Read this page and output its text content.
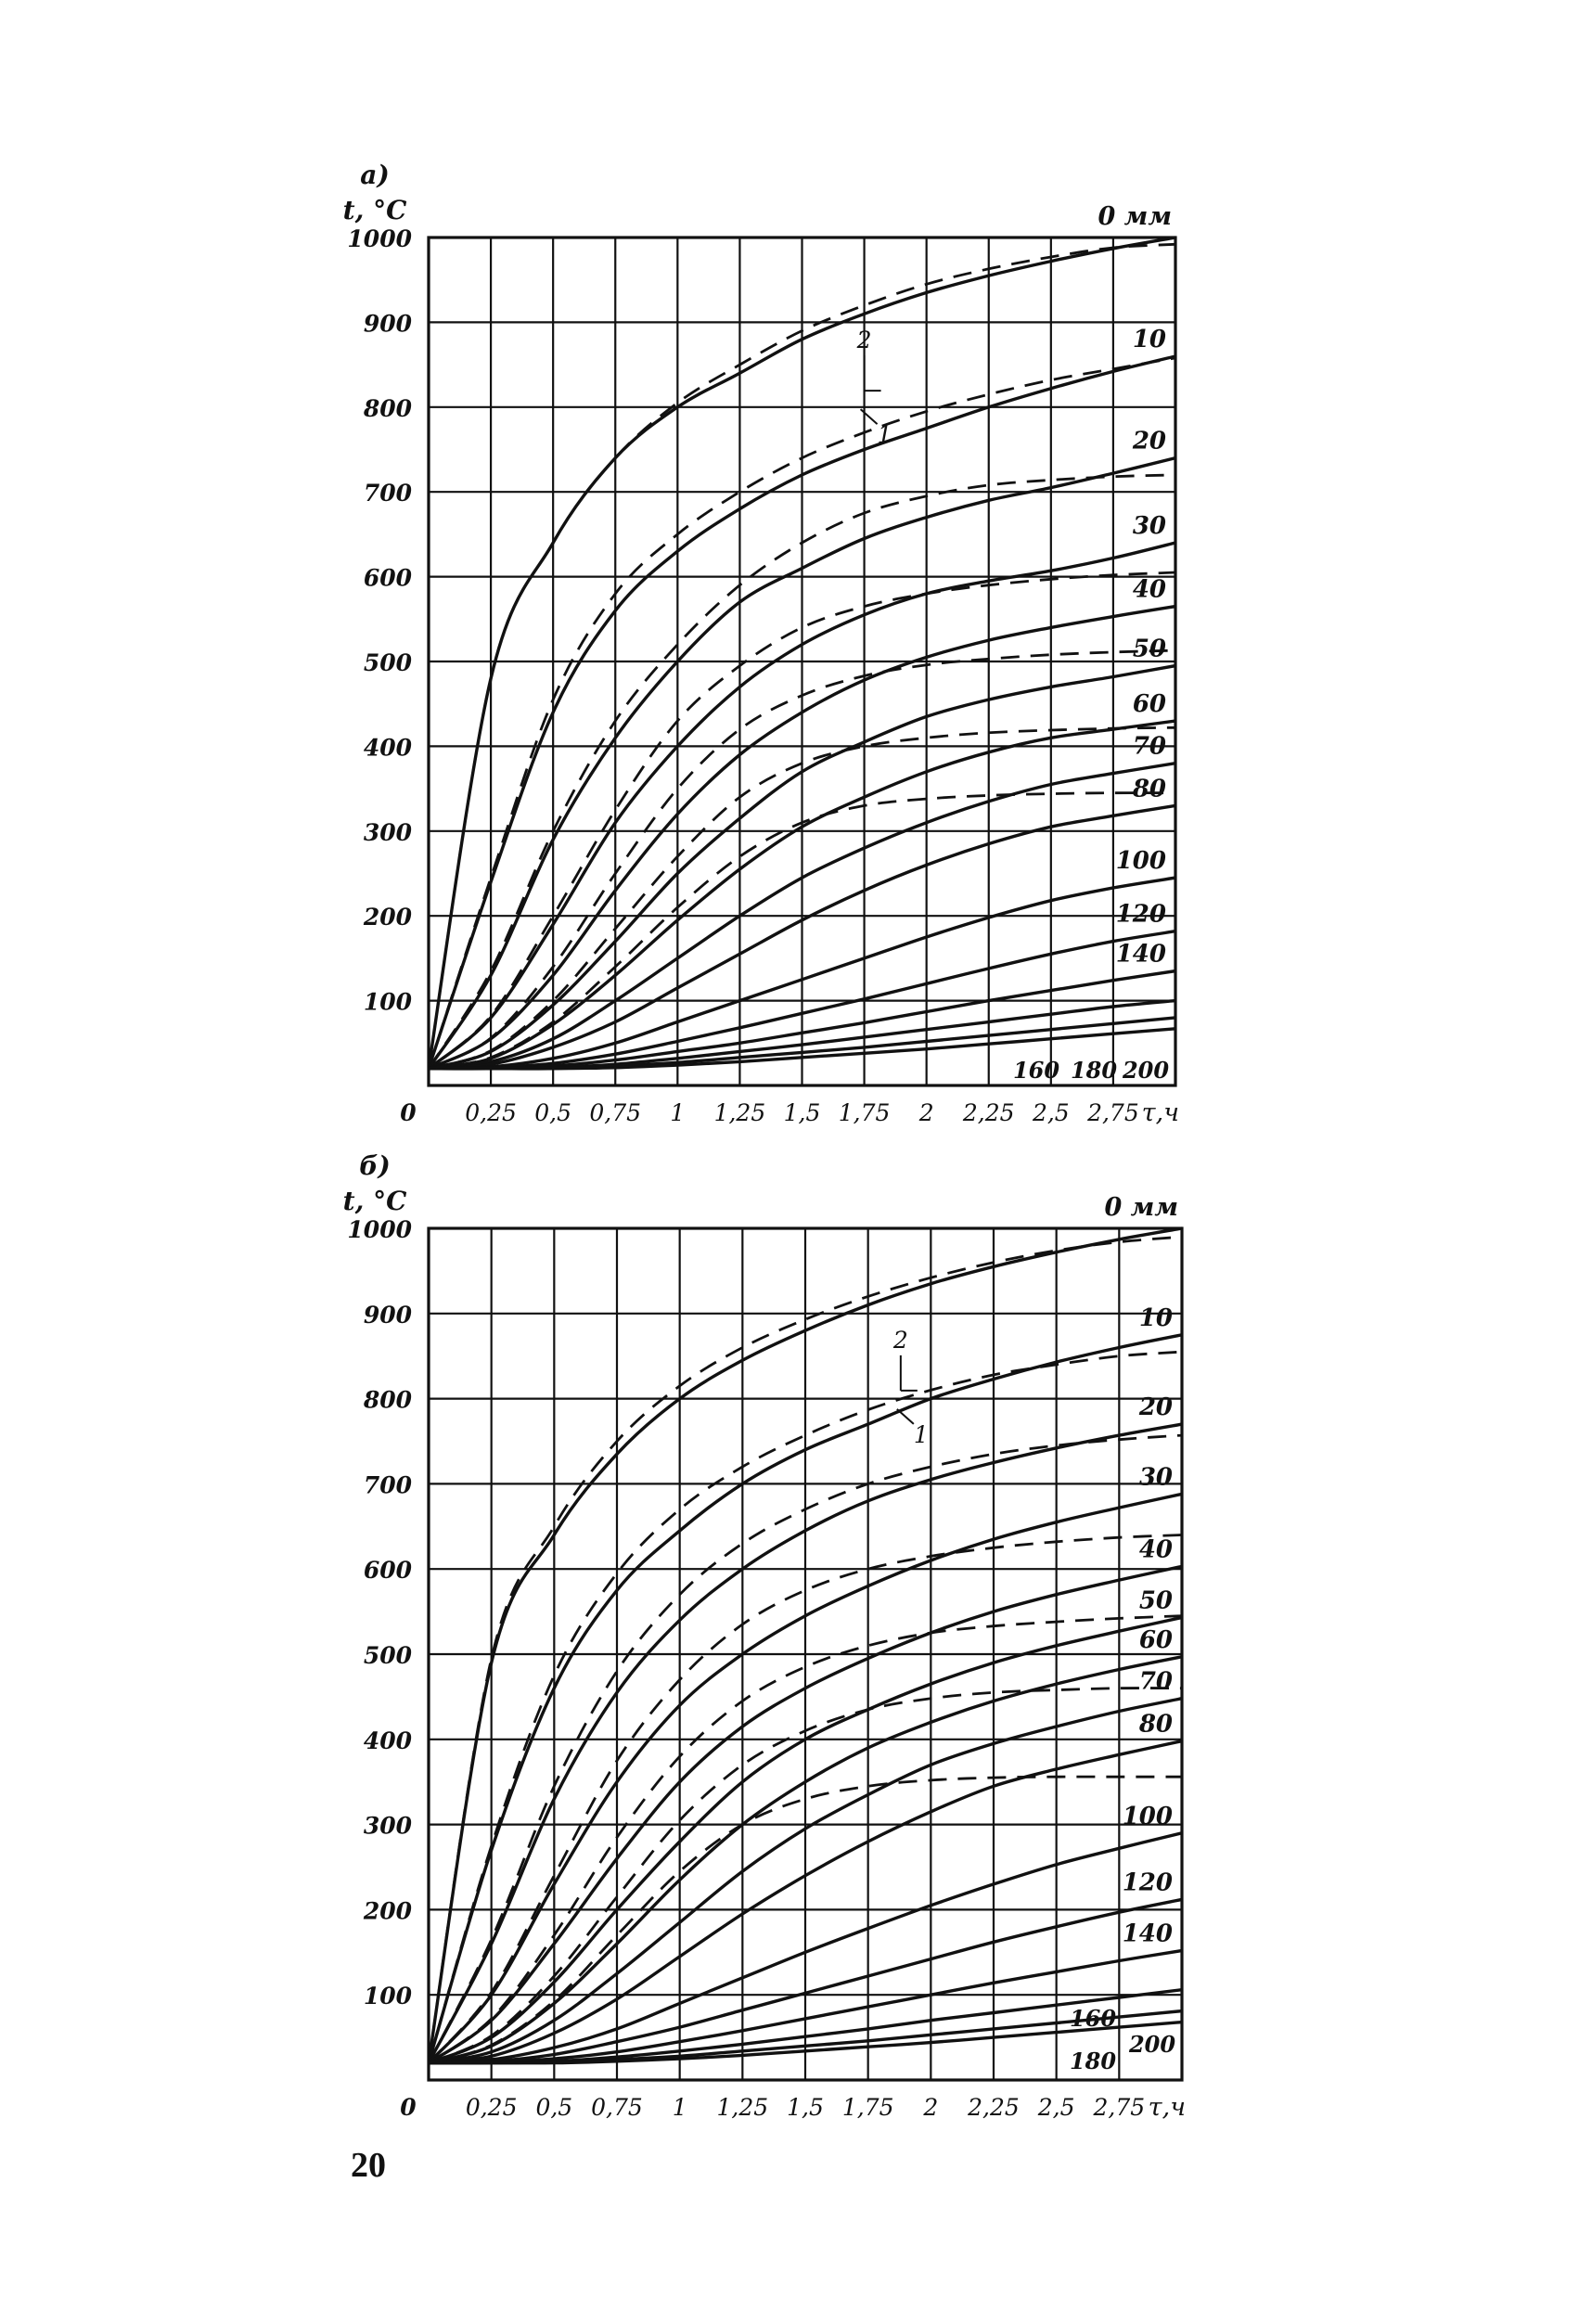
100
200
300
400
500
600
700
800
900
1000
0,25 0,5 0,75 1 1,25 1,5 1,75 2 2,25 2,5 2,75
0	τ,ч
а)
t, °C	0 мм
10
20
30
40
50
60
70
80
100
120
140
160 180 200
2
1
100
200
300
400
500
600
700
800
900
1000
0,25 0,5 0,75 1 1,25 1,5 1,75 2 2,25 2,5 2,75
0	τ,ч
б)
t, °C	0 мм
10
20
30
40
50
60
70
80
100
120
140
160
180
200
2
1
20
